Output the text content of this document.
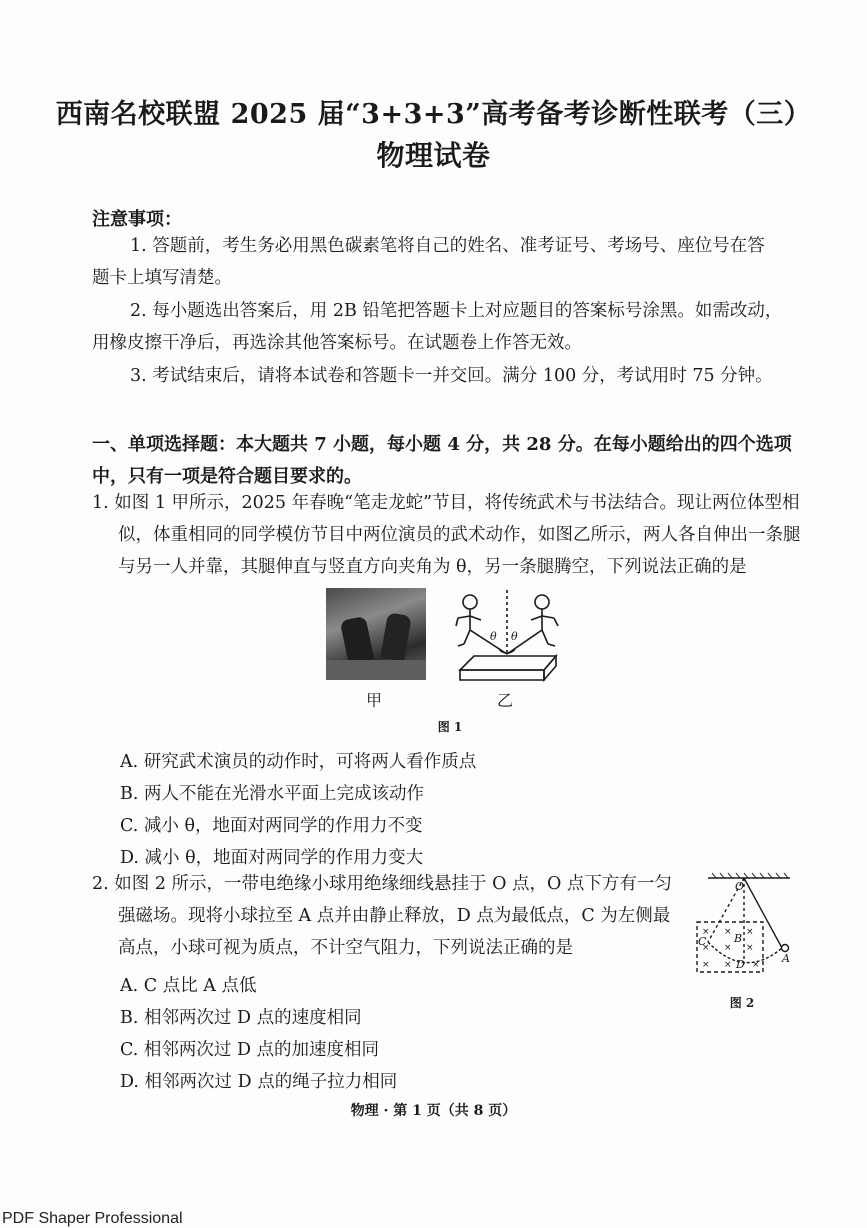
西南名校联盟 2025 届“3+3+3”高考备考诊断性联考（三）
物理试卷
注意事项：
1. 答题前，考生务必用黑色碳素笔将自己的姓名、准考证号、考场号、座位号在答
题卡上填写清楚。
2. 每小题选出答案后，用 2B 铅笔把答题卡上对应题目的答案标号涂黑。如需改动，
用橡皮擦干净后，再选涂其他答案标号。在试题卷上作答无效。
3. 考试结束后，请将本试卷和答题卡一并交回。满分 100 分，考试用时 75 分钟。
一、单项选择题：本大题共 7 小题，每小题 4 分，共 28 分。在每小题给出的四个选项
中，只有一项是符合题目要求的。
1. 如图 1 甲所示，2025 年春晚“笔走龙蛇”节目，将传统武术与书法结合。现让两位体型相
似，体重相同的同学模仿节目中两位演员的武术动作，如图乙所示，两人各自伸出一条腿
与另一人并靠，其腿伸直与竖直方向夹角为 θ，另一条腿腾空，下列说法正确的是
θ θ
甲	乙
图 1
A. 研究武术演员的动作时，可将两人看作质点
B. 两人不能在光滑水平面上完成该动作
C. 减小 θ，地面对两同学的作用力不变
D. 减小 θ，地面对两同学的作用力变大
2. 如图 2 所示，一带电绝缘小球用绝缘细线悬挂于 O 点，O 点下方有一匀
强磁场。现将小球拉至 A 点并由静止释放，D 点为最低点，C 为左侧最
高点，小球可视为质点，不计空气阻力，下列说法正确的是
A. C 点比 A 点低
B. 相邻两次过 D 点的速度相同
C. 相邻两次过 D 点的加速度相同
D. 相邻两次过 D 点的绳子拉力相同
× × ×
× × ×
× × ×
O
C	B
D	A
图 2
物理 · 第 1 页（共 8 页）
PDF Shaper Professional
